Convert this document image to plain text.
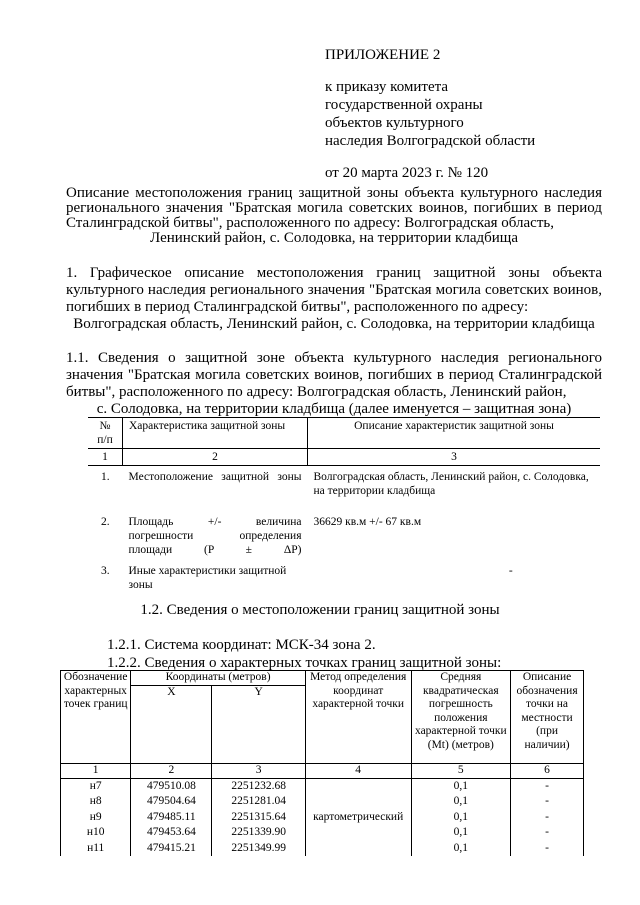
ПРИЛОЖЕНИЕ 2
к приказу комитета
государственной охраны
объектов культурного
наследия Волгоградской области
от 20 марта 2023 г. № 120
Описание местоположения границ защитной зоны объекта культурного наследия регионального значения "Братская могила советских воинов, погибших в период Сталинградской битвы", расположенного по адресу: Волгоградская область,
Ленинский район, с. Солодовка, на территории кладбища
1. Графическое описание местоположения границ защитной зоны объекта культурного наследия регионального значения "Братская могила советских воинов, погибших в период Сталинградской битвы", расположенного по адресу:
Волгоградская область, Ленинский район, с. Солодовка, на территории кладбища
1.1. Сведения о защитной зоне объекта культурного наследия регионального значения "Братская могила советских воинов, погибших в период Сталинградской битвы", расположенного по адресу: Волгоградская область, Ленинский район,
с. Солодовка, на территории кладбища (далее именуется – защитная зона)
№ п/п	Характеристика защитной зоны	Описание характеристик защитной зоны
1	2	3
1.	Местоположение защитной зоны	Волгоградская область, Ленинский район, с. Солодовка, на территории кладбища
2.	Площадь +/- величина погрешности определения площади (P ± ΔP)	36629 кв.м +/- 67 кв.м
3.	Иные характеристики защитной зоны	-
1.2. Сведения о местоположении границ защитной зоны
1.2.1. Система координат: МСК-34 зона 2.
1.2.2. Сведения о характерных точках границ защитной зоны:
Обозначение характерных точек границ	Координаты (метров)		Метод определения координат характерной точки	Средняя квадратическая погрешность положения характерной точки (Mt) (метров)	Описание обозначения точки на местности (при наличии)
	X	Y			
1	2	3	4	5	6
н7	479510.08	2251232.68	картометрический	0,1	-
н8	479504.64	2251281.04		0,1	-
н9	479485.11	2251315.64		0,1	-
н10	479453.64	2251339.90		0,1	-
н11	479415.21	2251349.99		0,1	-
